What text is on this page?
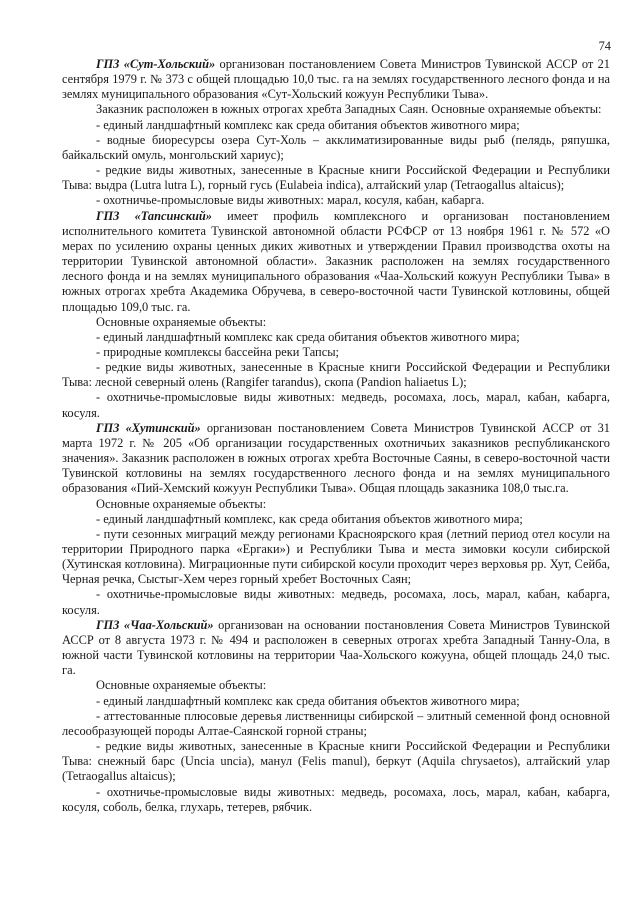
74

ГПЗ «Сут-Хольский» организован постановлением Совета Министров Тувинской АССР от 21 сентября 1979 г. № 373 с общей площадью 10,0 тыс. га на землях государственного лесного фонда и на землях муниципального образования «Сут-Хольский кожуун Республики Тыва».

Заказник расположен в южных отрогах хребта Западных Саян. Основные охраняемые объекты:

- единый ландшафтный комплекс как среда обитания объектов животного мира;

- водные биоресурсы озера Сут-Холь – акклиматизированные виды рыб (пелядь, ряпушка, байкальский омуль, монгольский хариус);

- редкие виды животных, занесенные в Красные книги Российской Федерации и Республики Тыва: выдра (Lutra lutra L), горный гусь (Eulabeia indica), алтайский улар (Tetraogallus altaicus);

- охотничье-промысловые виды животных: марал, косуля, кабан, кабарга.

ГПЗ «Тапсинский» имеет профиль комплексного и организован постановлением исполнительного комитета Тувинской автономной области РСФСР от 13 ноября 1961 г. № 572 «О мерах по усилению охраны ценных диких животных и утверждении Правил производства охоты на территории Тувинской автономной области». Заказник расположен на землях государственного лесного фонда и на землях муниципального образования «Чаа-Хольский кожуун Республики Тыва» в южных отрогах хребта Академика Обручева, в северо-восточной части Тувинской котловины, общей площадью 109,0 тыс. га.

Основные охраняемые объекты:

- единый ландшафтный комплекс как среда обитания объектов животного мира;

- природные комплексы бассейна реки Тапсы;

- редкие виды животных, занесенные в Красные книги Российской Федерации и Республики Тыва: лесной северный олень (Rangifer tarandus), скопа (Pandion haliaetus L);

- охотничье-промысловые виды животных: медведь, росомаха, лось, марал, кабан, кабарга, косуля.

ГПЗ «Хутинский» организован постановлением Совета Министров Тувинской АССР от 31 марта 1972 г. № 205 «Об организации государственных охотничьих заказников республиканского значения». Заказник расположен в южных отрогах хребта Восточные Саяны, в северо-восточной части Тувинской котловины на землях государственного лесного фонда и на землях муниципального образования «Пий-Хемский кожуун Республики Тыва». Общая площадь заказника 108,0 тыс.га.

Основные охраняемые объекты:

- единый ландшафтный комплекс, как среда обитания объектов животного мира;

- пути сезонных миграций между регионами Красноярского края (летний период отел косули на территории Природного парка «Ергаки») и Республики Тыва и места зимовки косули сибирской (Хутинская котловина). Миграционные пути сибирской косули проходит через верховья рр. Хут, Сейба, Черная речка, Сыстыг-Хем через горный хребет Восточных Саян;

- охотничье-промысловые виды животных: медведь, росомаха, лось, марал, кабан, кабарга, косуля.

ГПЗ «Чаа-Хольский» организован на основании постановления Совета Министров Тувинской АССР от 8 августа 1973 г. № 494 и расположен в северных отрогах хребта Западный Танну-Ола, в южной части Тувинской котловины на территории Чаа-Хольского кожууна, общей площадь 24,0 тыс. га.

Основные охраняемые объекты:

- единый ландшафтный комплекс как среда обитания объектов животного мира;

- аттестованные плюсовые деревья лиственницы сибирской – элитный семенной фонд основной лесообразующей породы Алтае-Саянской горной страны;

- редкие виды животных, занесенные в Красные книги Российской Федерации и Республики Тыва: снежный барс (Uncia uncia), манул (Felis manul), беркут (Aquila chrysaetos), алтайский улар (Tetraogallus altaicus);

- охотничье-промысловые виды животных: медведь, росомаха, лось, марал, кабан, кабарга, косуля, соболь, белка, глухарь, тетерев, рябчик.
